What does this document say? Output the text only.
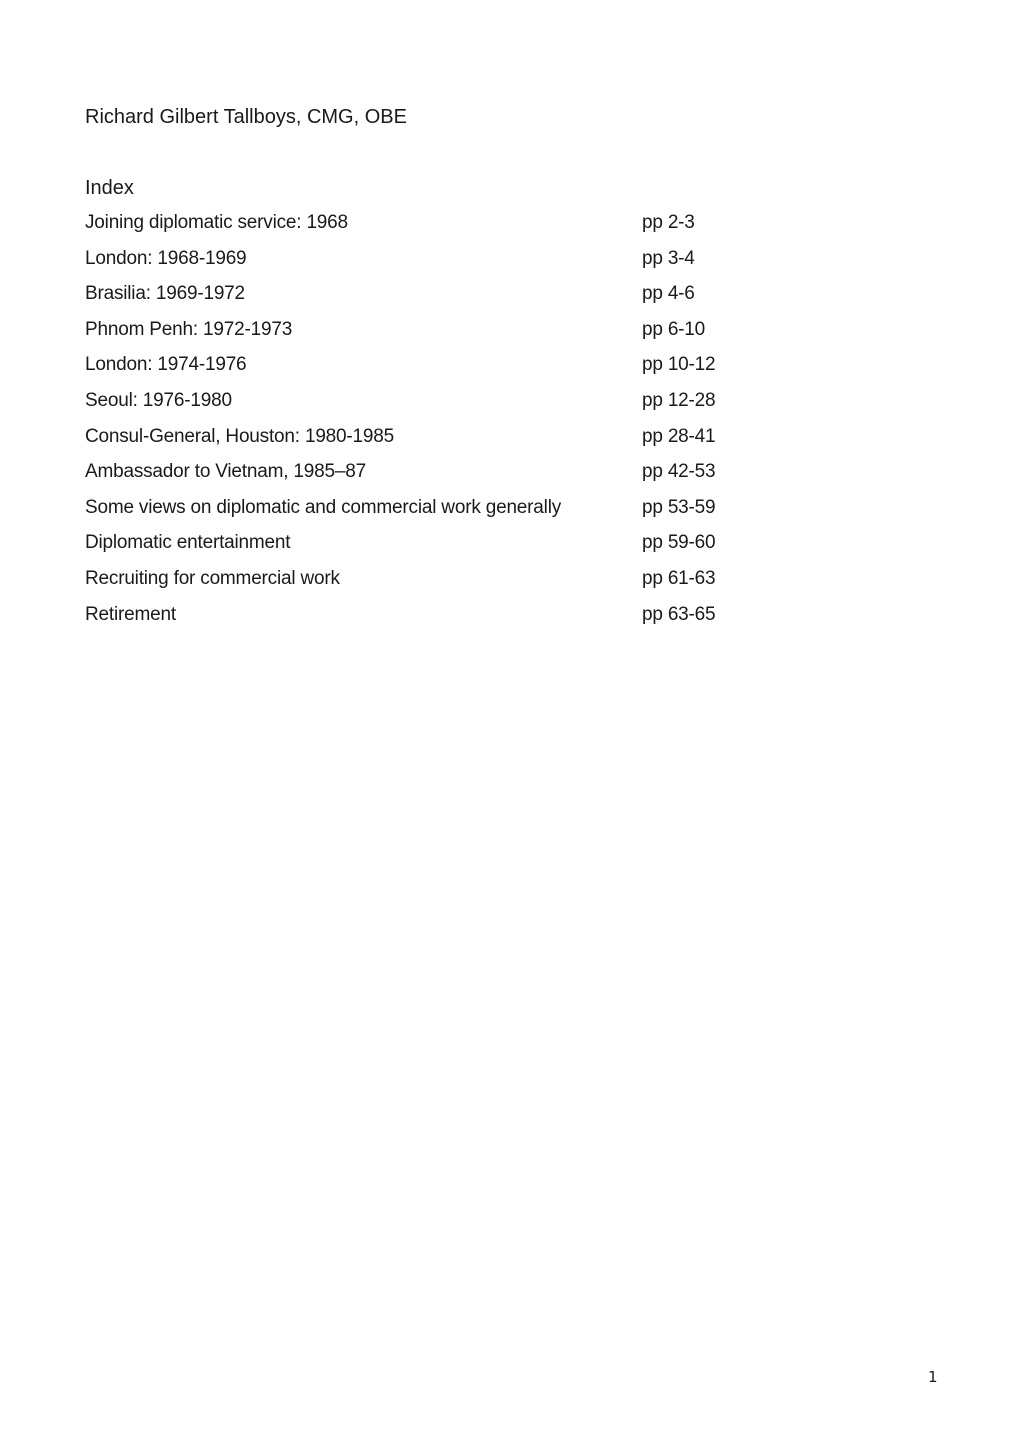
Richard Gilbert Tallboys, CMG, OBE
Index
Joining diplomatic service: 1968	pp 2-3
London: 1968-1969	pp 3-4
Brasilia: 1969-1972	pp 4-6
Phnom Penh: 1972-1973	pp 6-10
London: 1974-1976	pp 10-12
Seoul: 1976-1980	pp 12-28
Consul-General, Houston: 1980-1985	pp 28-41
Ambassador to Vietnam, 1985–87	pp 42-53
Some views on diplomatic and commercial work generally	pp 53-59
Diplomatic entertainment	pp 59-60
Recruiting for commercial work	pp 61-63
Retirement	pp 63-65
1
